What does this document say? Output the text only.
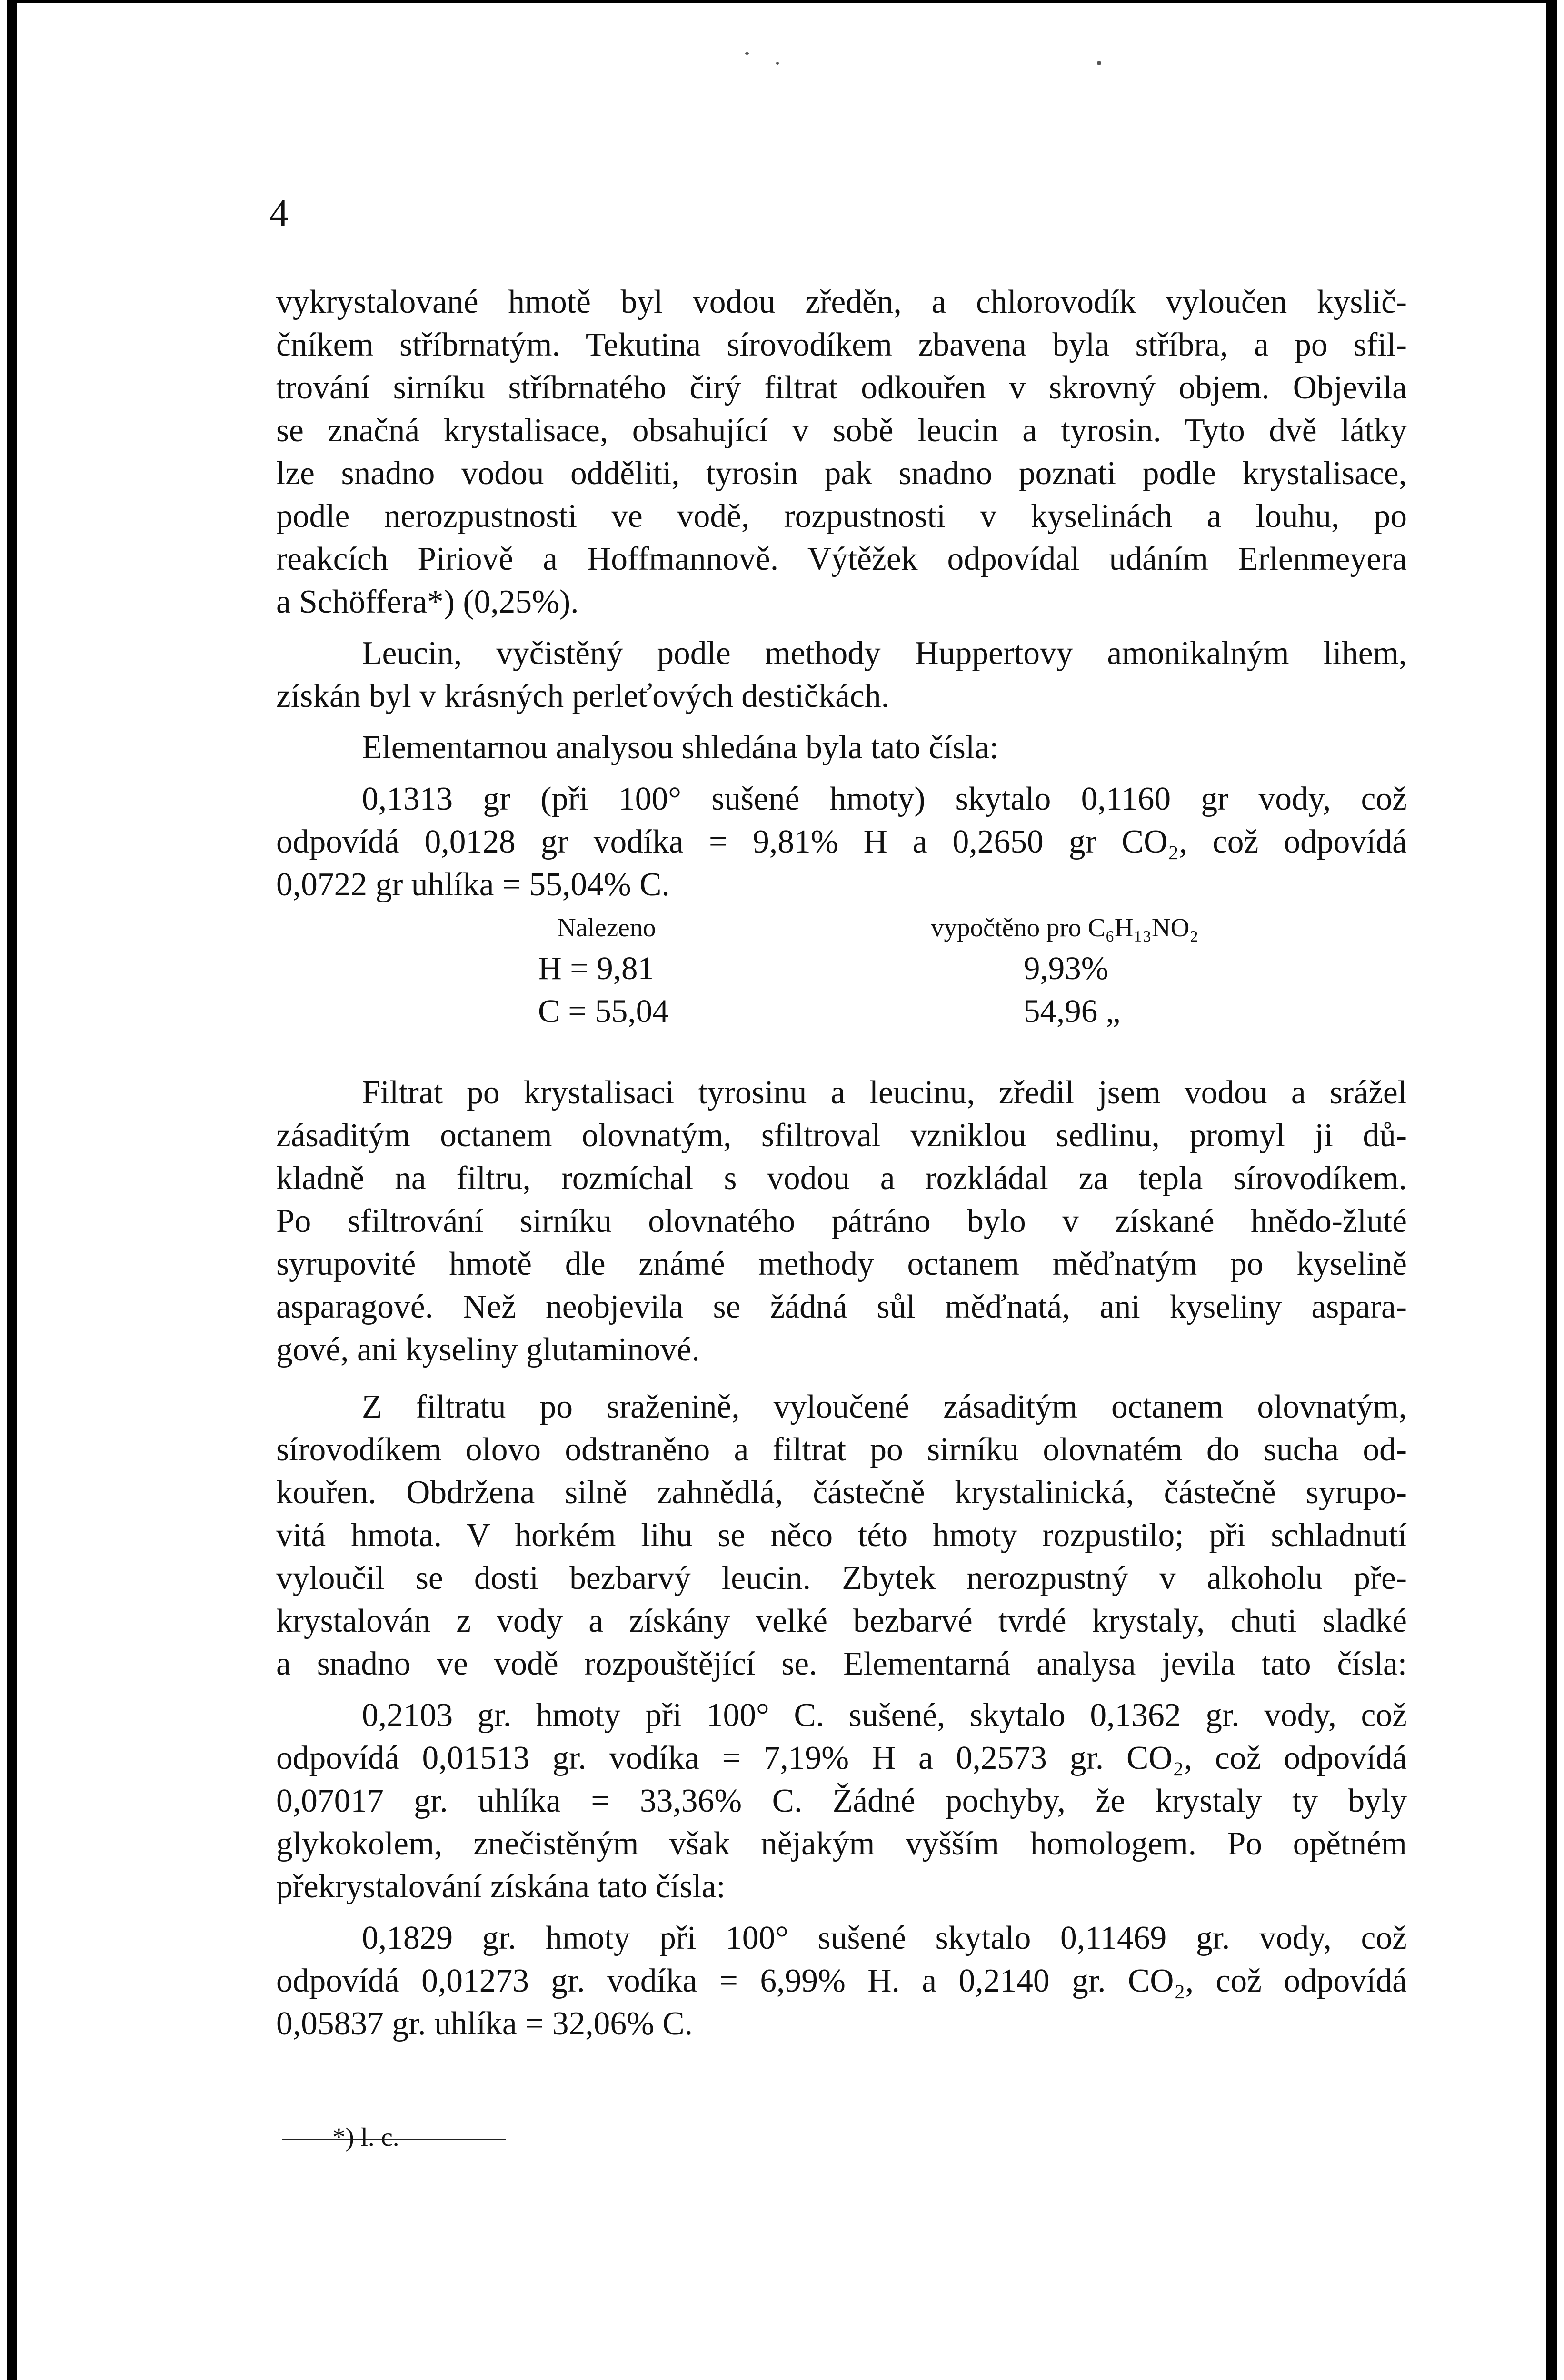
4

vykrystalované hmotě byl vodou zředěn, a chlorovodík vyloučen kyslič-
čníkem stříbrnatým. Tekutina sírovodíkem zbavena byla stříbra, a po sfil-
trování sirníku stříbrnatého čirý filtrat odkouřen v skrovný objem. Objevila
se značná krystalisace, obsahující v sobě leucin a tyrosin. Tyto dvě látky
lze snadno vodou odděliti, tyrosin pak snadno poznati podle krystalisace,
podle nerozpustnosti ve vodě, rozpustnosti v kyselinách a louhu, po
reakcích Piriově a Hoffmannově. Výtěžek odpovídal udáním Erlenmeyera
a Schöffera*) (0,25%).

Leucin, vyčistěný podle methody Huppertovy amonikalným lihem,
získán byl v krásných perleťových destičkách.

Elementarnou analysou shledána byla tato čísla:

0,1313 gr (při 100° sušené hmoty) skytalo 0,1160 gr vody, což
odpovídá 0,0128 gr vodíka = 9,81% H a 0,2650 gr CO₂, což odpovídá
0,0722 gr uhlíka = 55,04% C.

Nalezeno	vypočtěno pro C₆H₁₃NO₂
H = 9,81	9,93%
C = 55,04	54,96 „

Filtrat po krystalisaci tyrosinu a leucinu, zředil jsem vodou a srážel
zásaditým octanem olovnatým, sfiltroval vzniklou sedlinu, promyl ji dů-
kladně na filtru, rozmíchal s vodou a rozkládal za tepla sírovodíkem.
Po sfiltrování sirníku olovnatého pátráno bylo v získané hnědo-žluté
syrupovité hmotě dle známé methody octanem měďnatým po kyselině
asparagové. Než neobjevila se žádná sůl měďnatá, ani kyseliny aspara-
gové, ani kyseliny glutaminové.

Z filtratu po sraženině, vyloučené zásaditým octanem olovnatým,
sírovodíkem olovo odstraněno a filtrat po sirníku olovnatém do sucha od-
kouřen. Obdržena silně zahnědlá, částečně krystalinická, částečně syrupo-
vitá hmota. V horkém lihu se něco této hmoty rozpustilo; při schladnutí
vyloučil se dosti bezbarvý leucin. Zbytek nerozpustný v alkoholu pře-
krystalován z vody a získány velké bezbarvé tvrdé krystaly, chuti sladké
a snadno ve vodě rozpouštějící se. Elementarná analysa jevila tato čísla:

0,2103 gr. hmoty při 100° C. sušené, skytalo 0,1362 gr. vody, což
odpovídá 0,01513 gr. vodíka = 7,19% H a 0,2573 gr. CO₂, což odpovídá
0,07017 gr. uhlíka = 33,36% C. Žádné pochyby, že krystaly ty byly
glykokolem, znečistěným však nějakým vyšším homologem. Po opětném
překrystalování získána tato čísla:

0,1829 gr. hmoty při 100° sušené skytalo 0,11469 gr. vody, což
odpovídá 0,01273 gr. vodíka = 6,99% H. a 0,2140 gr. CO₂, což odpovídá
0,05837 gr. uhlíka = 32,06% C.

*) l. c.
